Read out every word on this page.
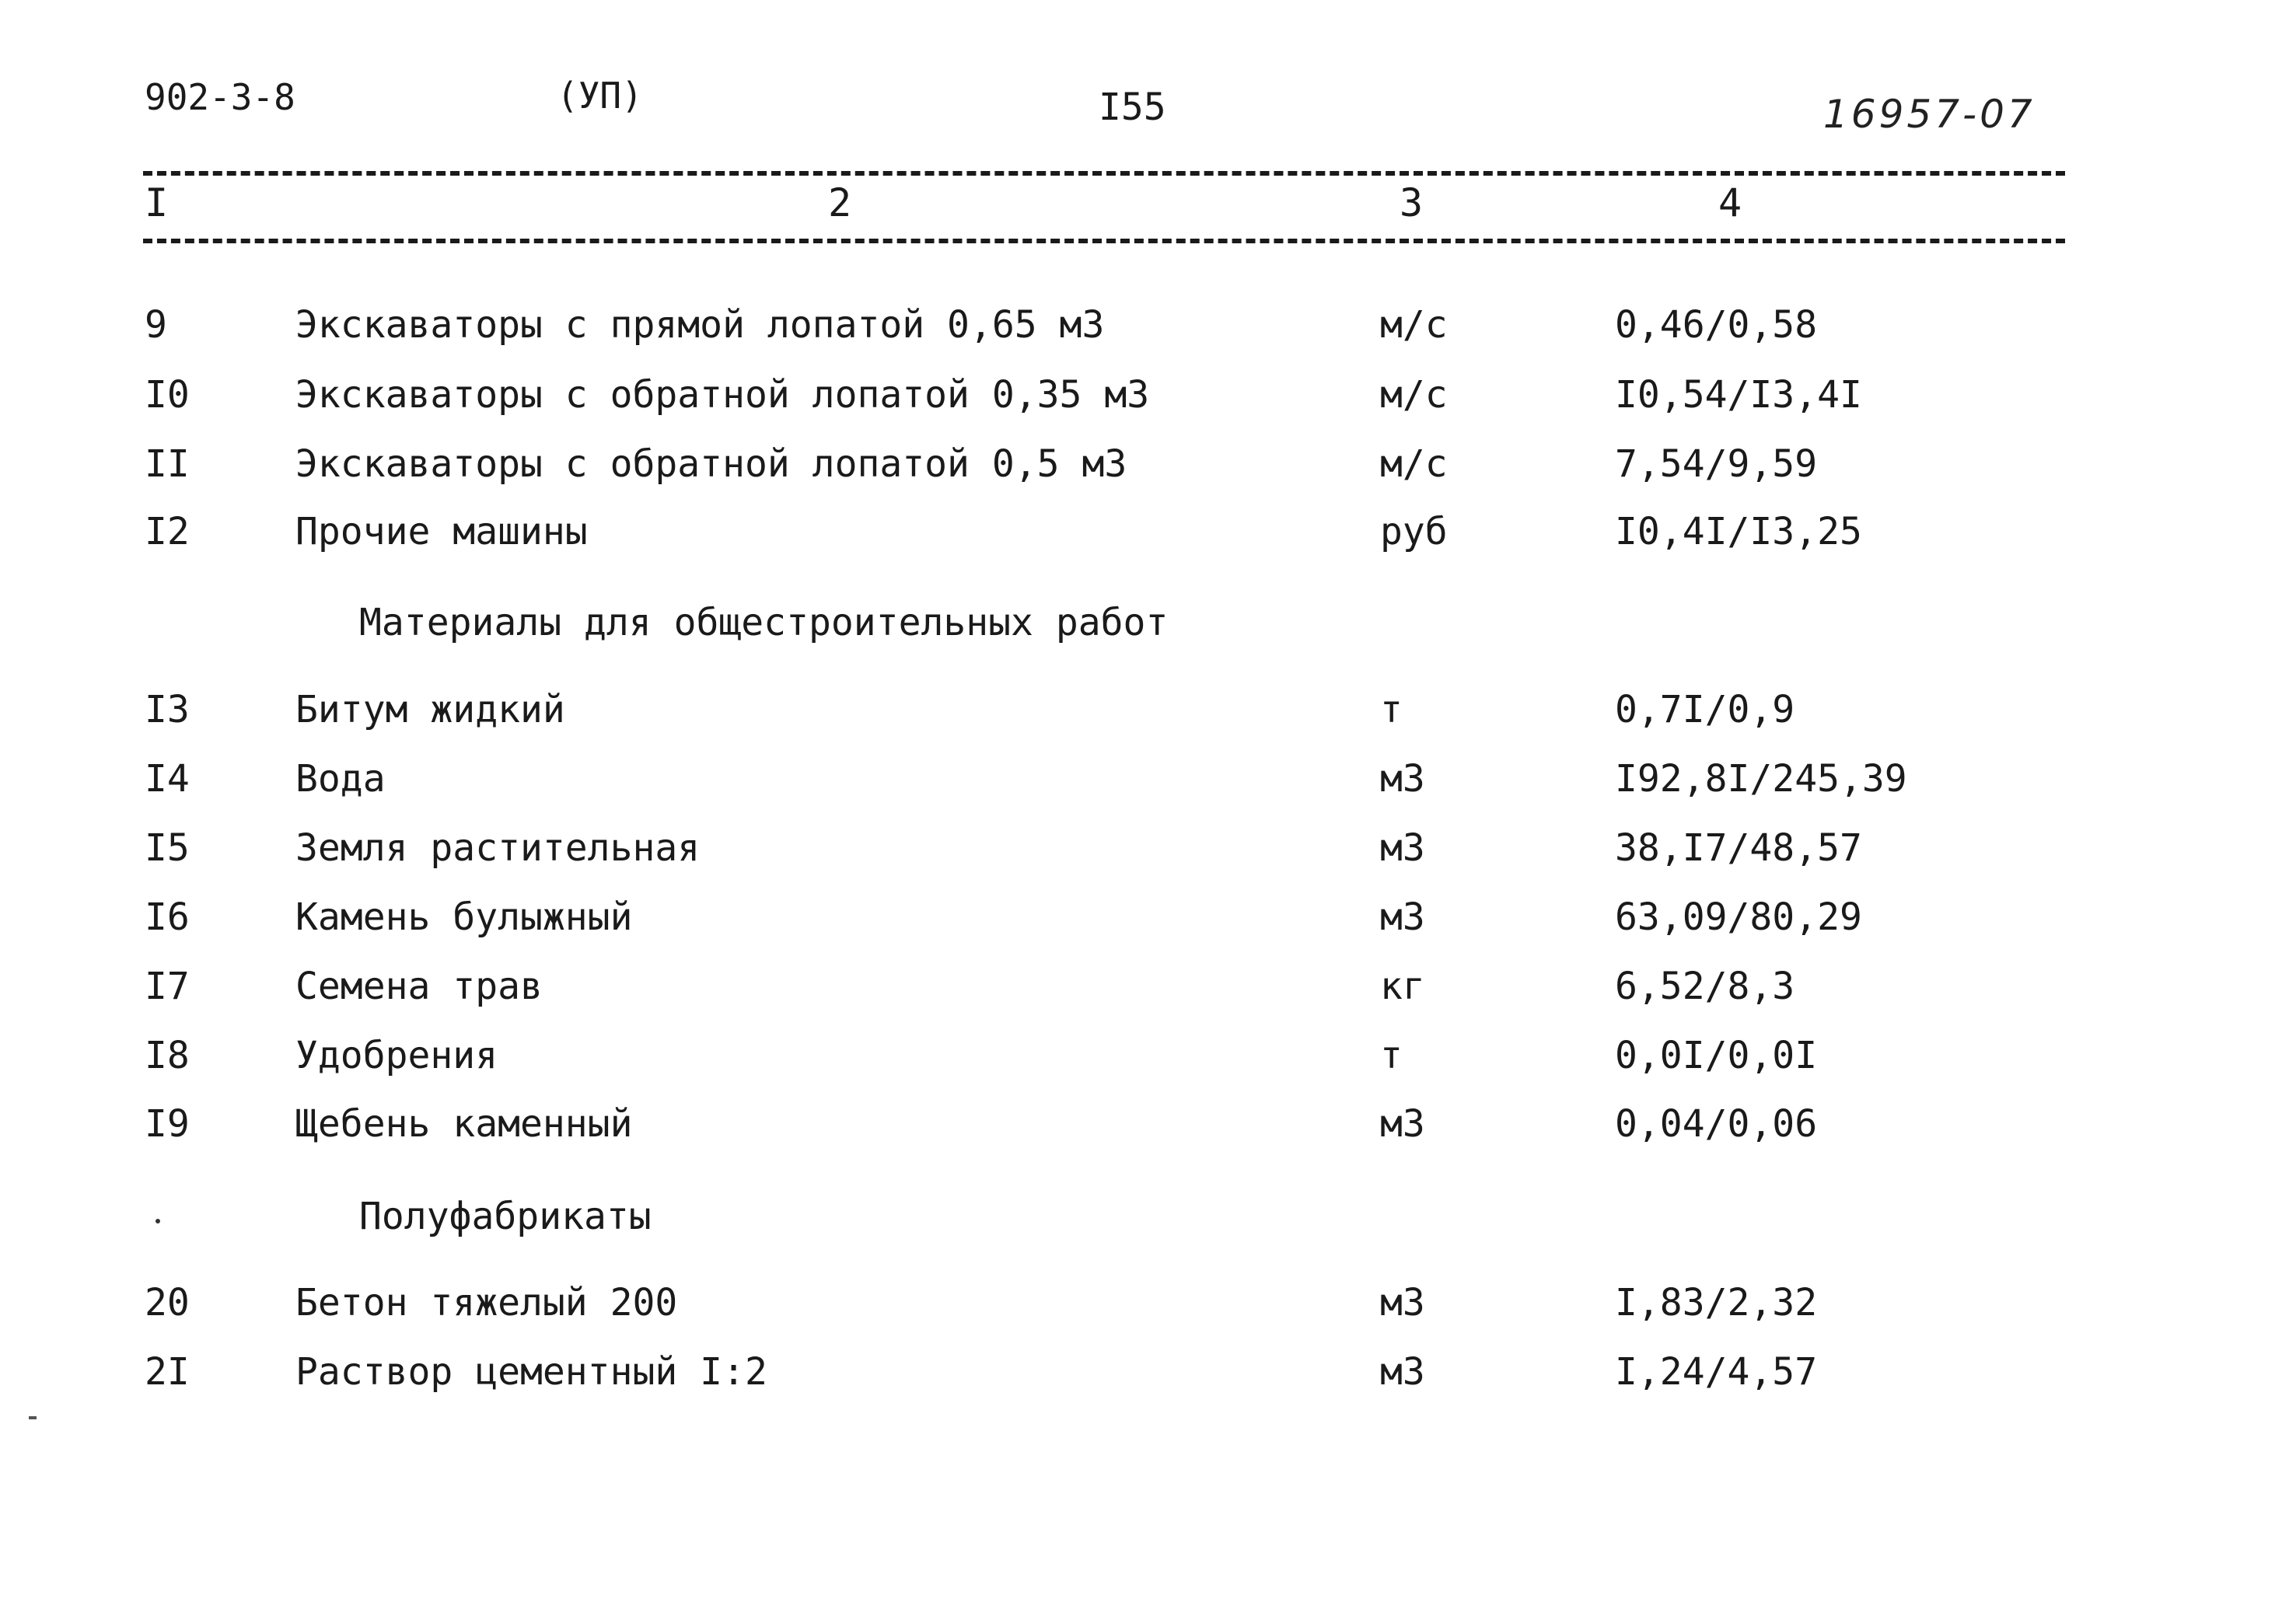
902-3-8	(УП)	I55	16957-07
I	2	3	4
9	Экскаваторы с прямой лопатой 0,65 м3	м/с	0,46/0,58
I0	Экскаваторы с обратной лопатой 0,35 м3	м/с	I0,54/I3,4I
II	Экскаваторы с обратной лопатой 0,5 м3	м/с	7,54/9,59
I2	Прочие машины	руб	I0,4I/I3,25
Материалы для общестроительных работ
I3	Битум жидкий	т	0,7I/0,9
I4	Вода	м3	I92,8I/245,39
I5	Земля растительная	м3	38,I7/48,57
I6	Камень булыжный	м3	63,09/80,29
I7	Семена трав	кг	6,52/8,3
I8	Удобрения	т	0,0I/0,0I
I9	Щебень каменный	м3	0,04/0,06
Полуфабрикаты
20	Бетон тяжелый 200	м3	I,83/2,32
2I	Раствор цементный I:2	м3	I,24/4,57
